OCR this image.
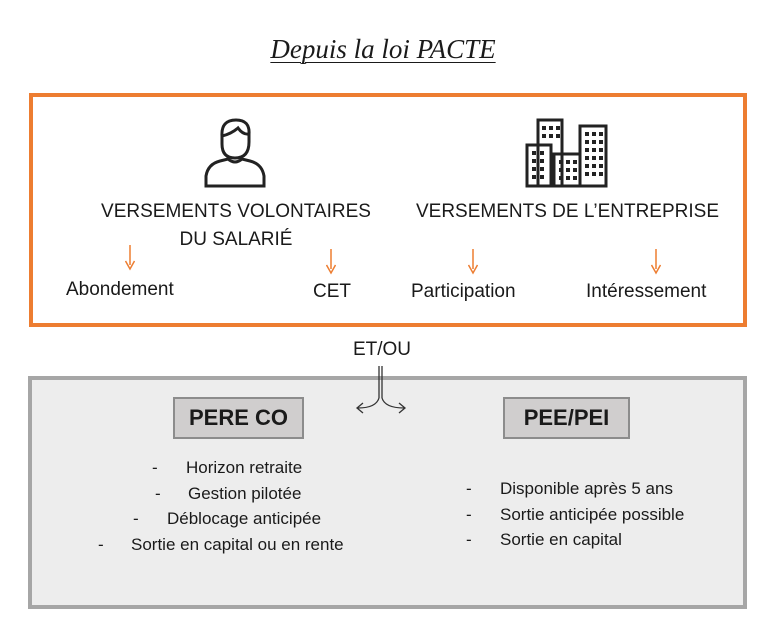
Depuis la loi PACTE
VERSEMENTS VOLONTAIRES
DU SALARIÉ
VERSEMENTS DE L’ENTREPRISE
Abondement	CET	Participation	Intéressement
ET/OU
PERE CO	PEE/PEI
- Horizon retraite
- Gestion pilotée
- Déblocage anticipée
- Sortie en capital ou en rente
- Disponible après 5 ans
- Sortie anticipée possible
- Sortie en capital
